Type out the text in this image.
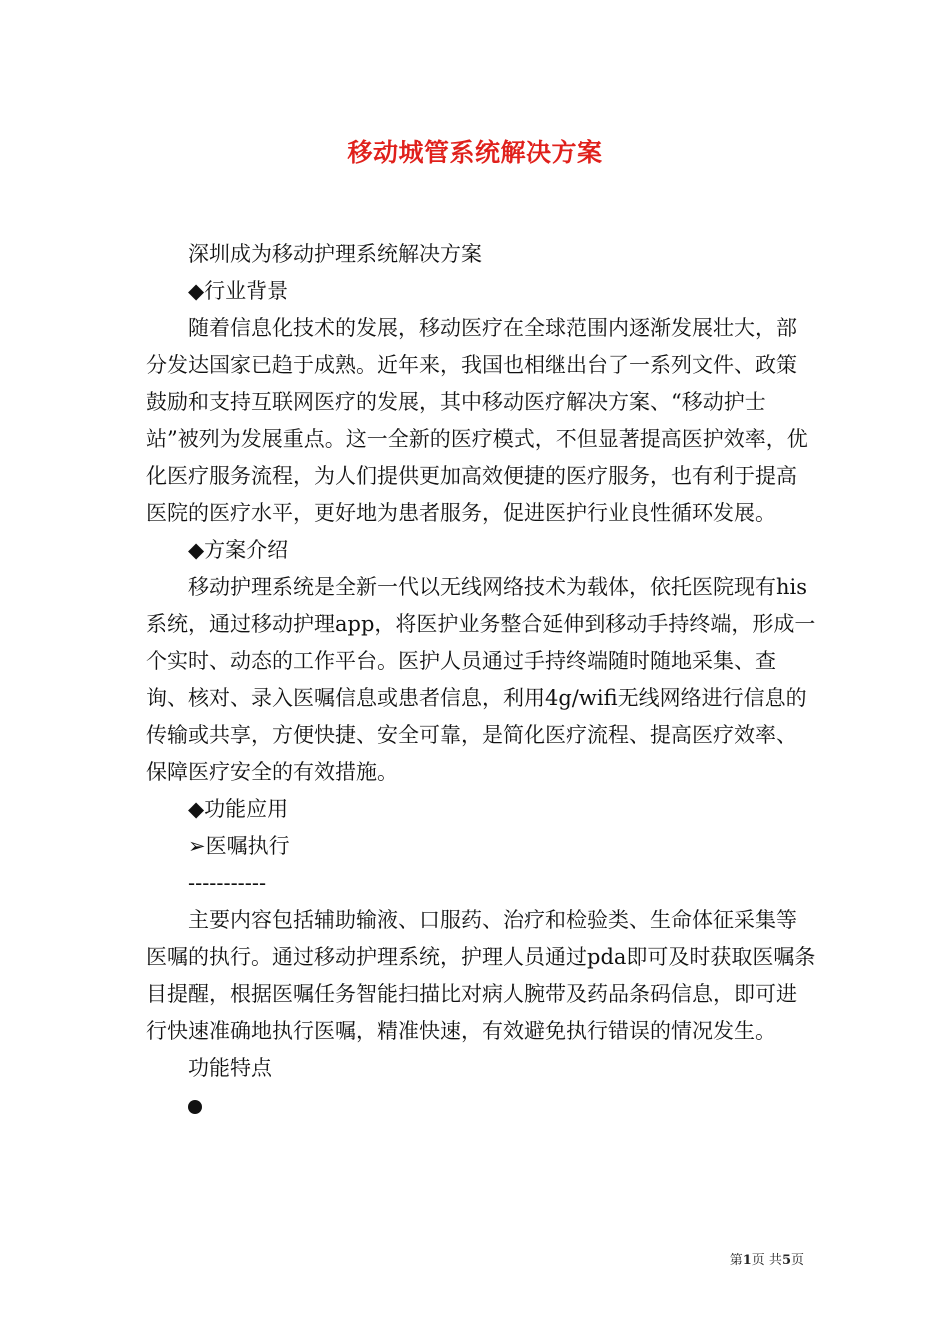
移动城管系统解决方案

深圳成为移动护理系统解决方案

◆行业背景

随着信息化技术的发展，移动医疗在全球范围内逐渐发展壮大，部分发达国家已趋于成熟。近年来，我国也相继出台了一系列文件、政策鼓励和支持互联网医疗的发展，其中移动医疗解决方案、“移动护士站”被列为发展重点。这一全新的医疗模式，不但显著提高医护效率，优化医疗服务流程，为人们提供更加高效便捷的医疗服务，也有利于提高医院的医疗水平，更好地为患者服务，促进医护行业良性循环发展。

◆方案介绍

移动护理系统是全新一代以无线网络技术为载体，依托医院现有his系统，通过移动护理app，将医护业务整合延伸到移动手持终端，形成一个实时、动态的工作平台。医护人员通过手持终端随时随地采集、查询、核对、录入医嘱信息或患者信息，利用4g/wifi无线网络进行信息的传输或共享，方便快捷、安全可靠，是简化医疗流程、提高医疗效率、保障医疗安全的有效措施。

◆功能应用

➢医嘱执行

-----------

主要内容包括辅助输液、口服药、治疗和检验类、生命体征采集等医嘱的执行。通过移动护理系统，护理人员通过pda即可及时获取医嘱条目提醒，根据医嘱任务智能扫描比对病人腕带及药品条码信息，即可进行快速准确地执行医嘱，精准快速，有效避免执行错误的情况发生。

功能特点

第1页 共5页
